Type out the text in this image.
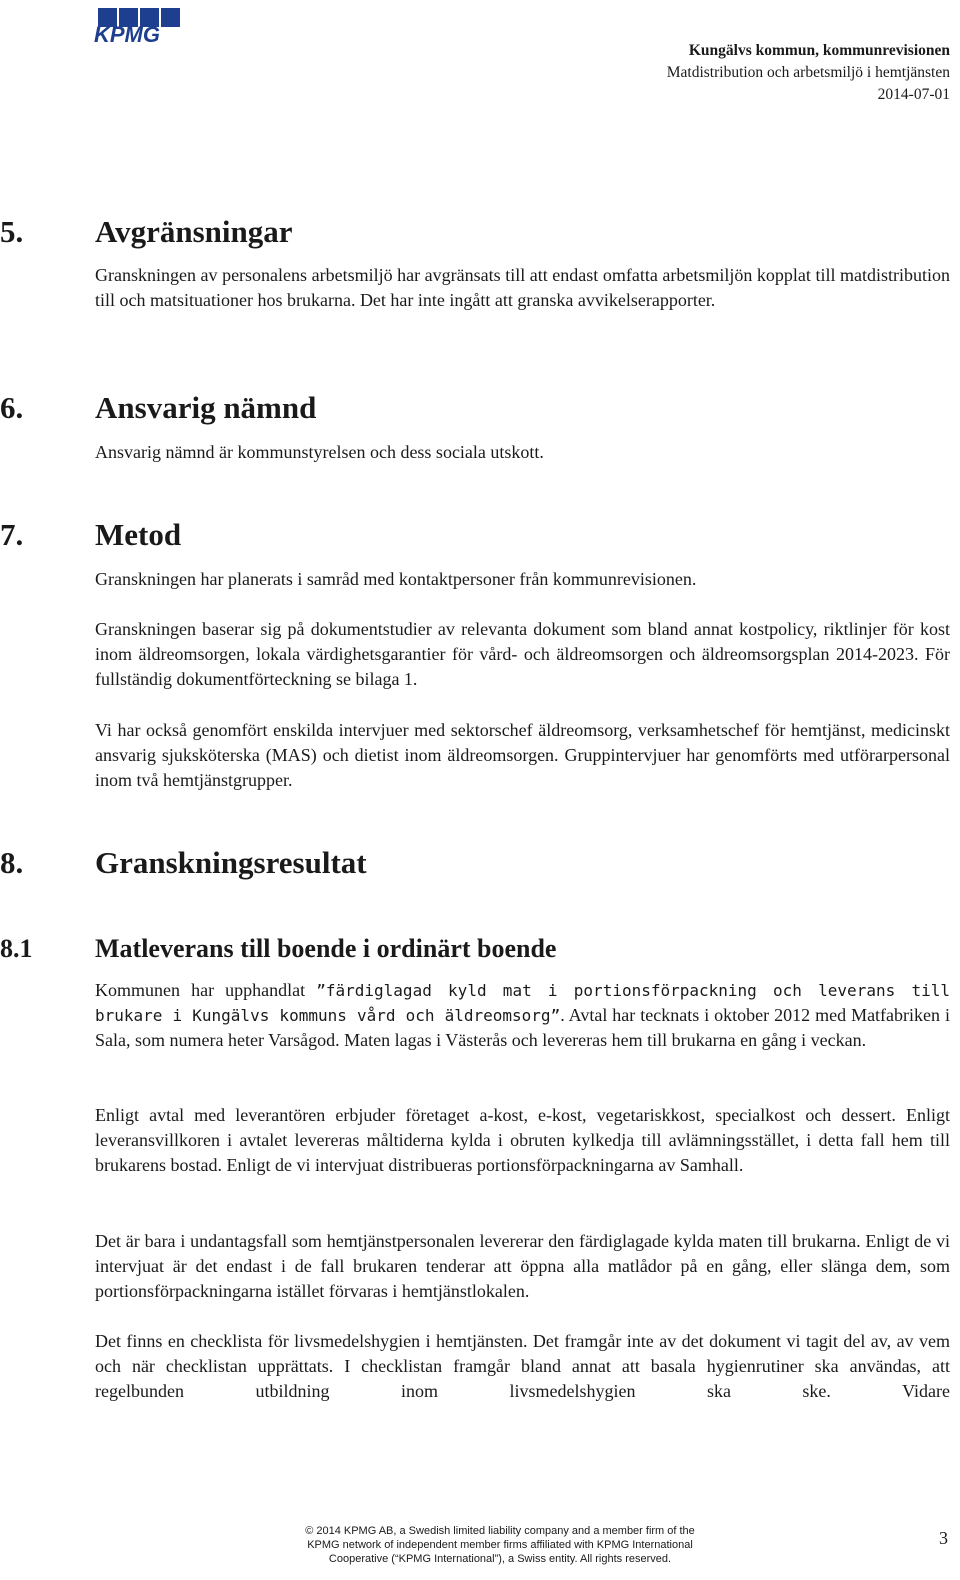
KPMG
Kungälvs kommun, kommunrevisionen
Matdistribution och arbetsmiljö i hemtjänsten
2014-07-01
5. Avgränsningar

Granskningen av personalens arbetsmiljö har avgränsats till att endast omfatta arbetsmiljön kopplat till matdistribution till och matsituationer hos brukarna. Det har inte ingått att granska avvikelserapporter.

6. Ansvarig nämnd

Ansvarig nämnd är kommunstyrelsen och dess sociala utskott.

7. Metod

Granskningen har planerats i samråd med kontaktpersoner från kommunrevisionen.

Granskningen baserar sig på dokumentstudier av relevanta dokument som bland annat kostpolicy, riktlinjer för kost inom äldreomsorgen, lokala värdighetsgarantier för vård- och äldreomsorgen och äldreomsorgsplan 2014-2023. För fullständig dokumentförteckning se bilaga 1.

Vi har också genomfört enskilda intervjuer med sektorschef äldreomsorg, verksamhetschef för hemtjänst, medicinskt ansvarig sjuksköterska (MAS) och dietist inom äldreomsorgen. Gruppintervjuer har genomförts med utförarpersonal inom två hemtjänstgrupper.

8. Granskningsresultat
8.1 Matleverans till boende i ordinärt boende

Kommunen har upphandlat ”färdiglagad kyld mat i portionsförpackning och leverans till brukare i Kungälvs kommuns vård och äldreomsorg”. Avtal har tecknats i oktober 2012 med Matfabriken i Sala, som numera heter Varsågod. Maten lagas i Västerås och levereras hem till brukarna en gång i veckan.

Enligt avtal med leverantören erbjuder företaget a-kost, e-kost, vegetariskkost, specialkost och dessert. Enligt leveransvillkoren i avtalet levereras måltiderna kylda i obruten kylkedja till avlämningsstället, i detta fall hem till brukarens bostad. Enligt de vi intervjuat distribueras portionsförpackningarna av Samhall.

Det är bara i undantagsfall som hemtjänstpersonalen levererar den färdiglagade kylda maten till brukarna. Enligt de vi intervjuat är det endast i de fall brukaren tenderar att öppna alla matlådor på en gång, eller slänga dem, som portionsförpackningarna istället förvaras i hemtjänstlokalen.

Det finns en checklista för livsmedelshygien i hemtjänsten. Det framgår inte av det dokument vi tagit del av, av vem och när checklistan upprättats. I checklistan framgår bland annat att basala hygienrutiner ska användas, att regelbunden utbildning inom livsmedelshygien ska ske. Vidare

3
© 2014 KPMG AB, a Swedish limited liability company and a member firm of the
KPMG network of independent member firms affiliated with KPMG International
Cooperative (“KPMG International”), a Swiss entity. All rights reserved.
